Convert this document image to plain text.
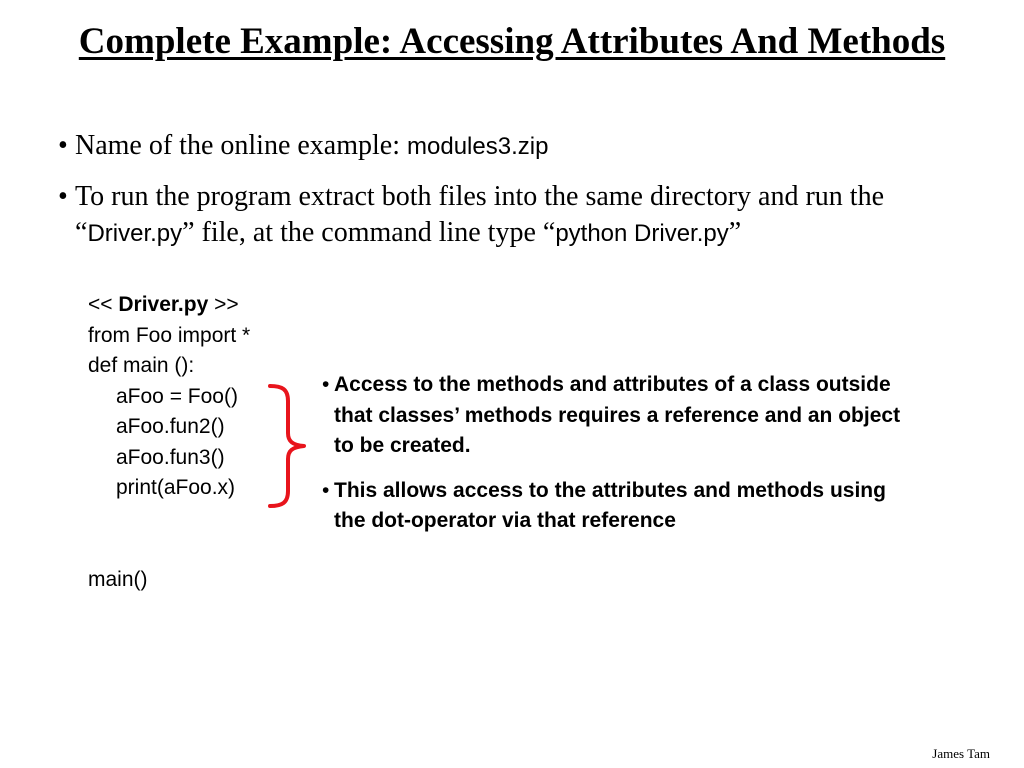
Complete Example: Accessing Attributes And Methods
• Name of the online example: modules3.zip
• To run the program extract both files into the same directory and run the “Driver.py” file, at the command line type “python Driver.py”
<< Driver.py >>
from Foo import *
def main ():
aFoo = Foo()
aFoo.fun2()
aFoo.fun3()
print(aFoo.x)
main()
• Access to the methods and attributes of a class outside that classes’ methods requires a reference and an object to be created.
• This allows access to the attributes and methods using the dot-operator via that reference
James Tam
